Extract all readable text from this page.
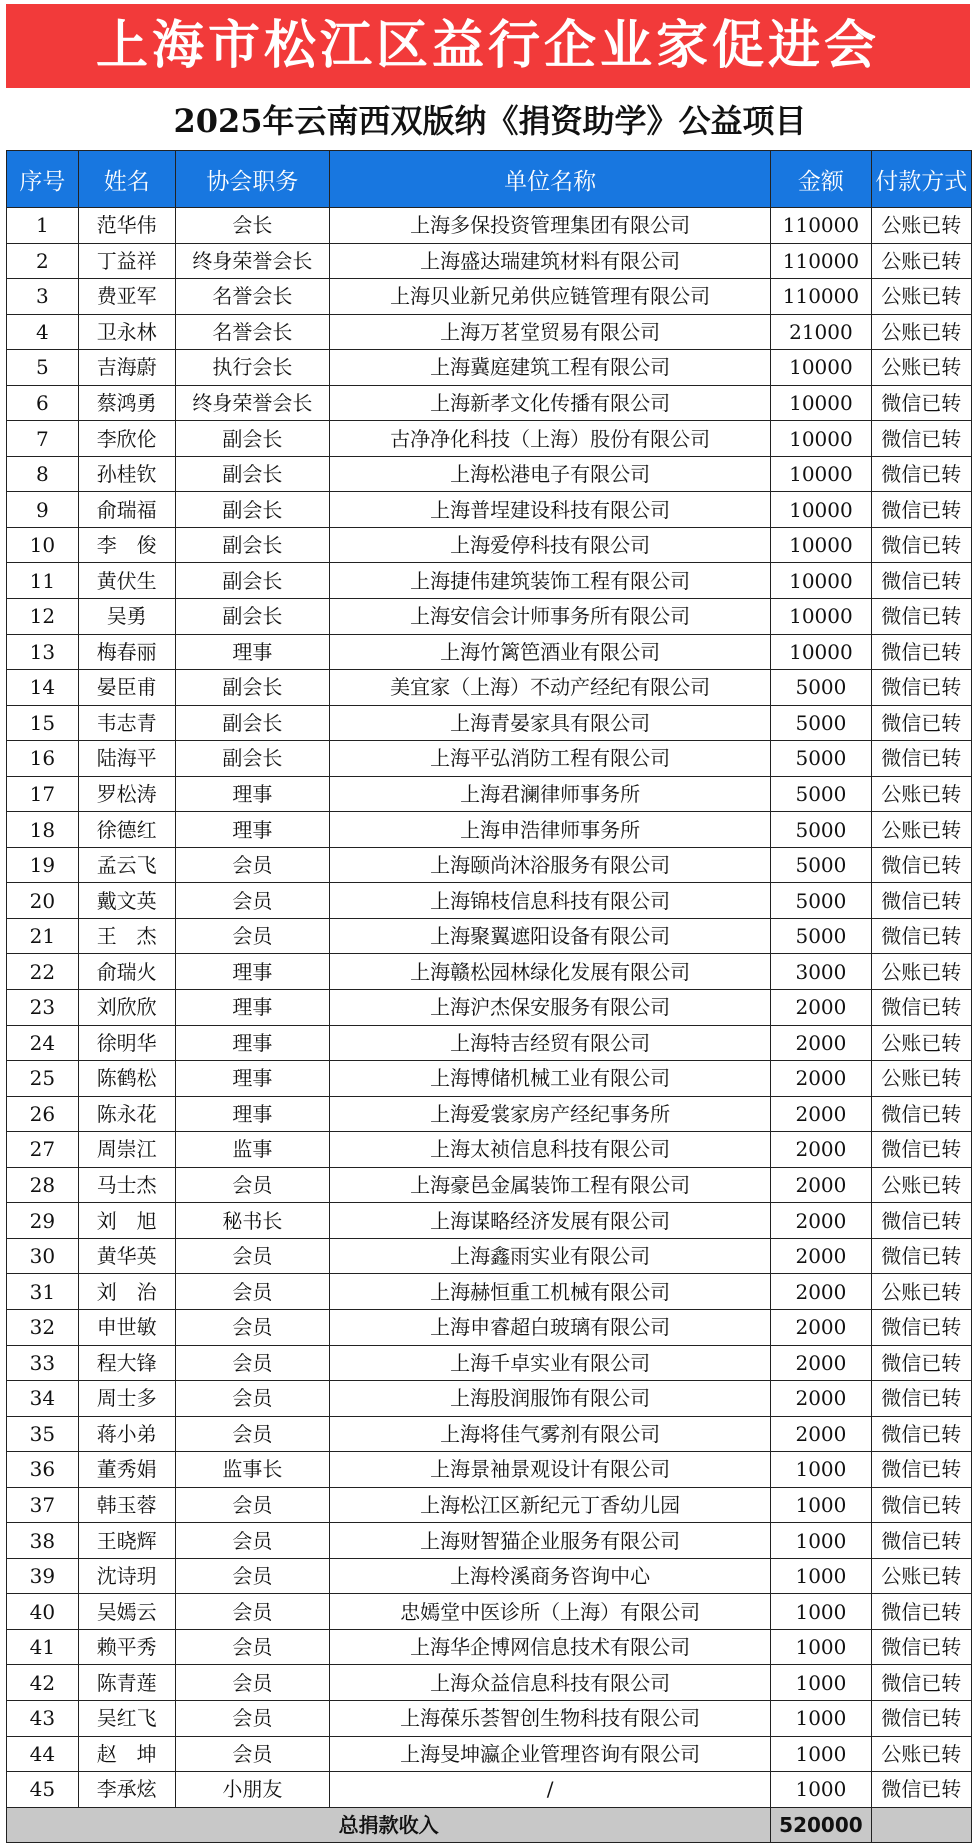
上海市松江区益行企业家促进会
2025年云南西双版纳《捐资助学》公益项目
序号	姓名	协会职务	单位名称	金额	付款方式
1	范华伟	会长	上海多保投资管理集团有限公司	110000	公账已转
2	丁益祥	终身荣誉会长	上海盛达瑞建筑材料有限公司	110000	公账已转
3	费亚军	名誉会长	上海贝业新兄弟供应链管理有限公司	110000	公账已转
4	卫永林	名誉会长	上海万茗堂贸易有限公司	21000	公账已转
5	吉海蔚	执行会长	上海冀庭建筑工程有限公司	10000	公账已转
6	蔡鸿勇	终身荣誉会长	上海新孝文化传播有限公司	10000	微信已转
7	李欣伦	副会长	古净净化科技（上海）股份有限公司	10000	微信已转
8	孙桂钦	副会长	上海松港电子有限公司	10000	微信已转
9	俞瑞福	副会长	上海普埕建设科技有限公司	10000	微信已转
10	李　俊	副会长	上海爱停科技有限公司	10000	微信已转
11	黄伏生	副会长	上海捷伟建筑装饰工程有限公司	10000	微信已转
12	吴勇	副会长	上海安信会计师事务所有限公司	10000	微信已转
13	梅春丽	理事	上海竹篱笆酒业有限公司	10000	微信已转
14	晏臣甫	副会长	美宜家（上海）不动产经纪有限公司	5000	微信已转
15	韦志青	副会长	上海青晏家具有限公司	5000	微信已转
16	陆海平	副会长	上海平弘消防工程有限公司	5000	微信已转
17	罗松涛	理事	上海君澜律师事务所	5000	公账已转
18	徐德红	理事	上海申浩律师事务所	5000	公账已转
19	孟云飞	会员	上海颐尚沐浴服务有限公司	5000	微信已转
20	戴文英	会员	上海锦枝信息科技有限公司	5000	微信已转
21	王　杰	会员	上海聚翼遮阳设备有限公司	5000	微信已转
22	俞瑞火	理事	上海赣松园林绿化发展有限公司	3000	公账已转
23	刘欣欣	理事	上海沪杰保安服务有限公司	2000	微信已转
24	徐明华	理事	上海特吉经贸有限公司	2000	公账已转
25	陈鹤松	理事	上海博储机械工业有限公司	2000	公账已转
26	陈永花	理事	上海爱裳家房产经纪事务所	2000	微信已转
27	周崇江	监事	上海太祯信息科技有限公司	2000	微信已转
28	马士杰	会员	上海豪邑金属装饰工程有限公司	2000	公账已转
29	刘　旭	秘书长	上海谋略经济发展有限公司	2000	微信已转
30	黄华英	会员	上海鑫雨实业有限公司	2000	微信已转
31	刘　治	会员	上海赫恒重工机械有限公司	2000	公账已转
32	申世敏	会员	上海申睿超白玻璃有限公司	2000	微信已转
33	程大锋	会员	上海千卓实业有限公司	2000	微信已转
34	周士多	会员	上海股润服饰有限公司	2000	微信已转
35	蒋小弟	会员	上海将佳气雾剂有限公司	2000	微信已转
36	董秀娟	监事长	上海景袖景观设计有限公司	1000	微信已转
37	韩玉蓉	会员	上海松江区新纪元丁香幼儿园	1000	微信已转
38	王晓辉	会员	上海财智猫企业服务有限公司	1000	微信已转
39	沈诗玥	会员	上海柃溪商务咨询中心	1000	公账已转
40	吴嫣云	会员	忠嫣堂中医诊所（上海）有限公司	1000	微信已转
41	赖平秀	会员	上海华企博网信息技术有限公司	1000	微信已转
42	陈青莲	会员	上海众益信息科技有限公司	1000	微信已转
43	吴红飞	会员	上海葆乐荟智创生物科技有限公司	1000	微信已转
44	赵　坤	会员	上海旻坤瀛企业管理咨询有限公司	1000	公账已转
45	李承炫	小朋友	/	1000	微信已转
总捐款收入				520000	
